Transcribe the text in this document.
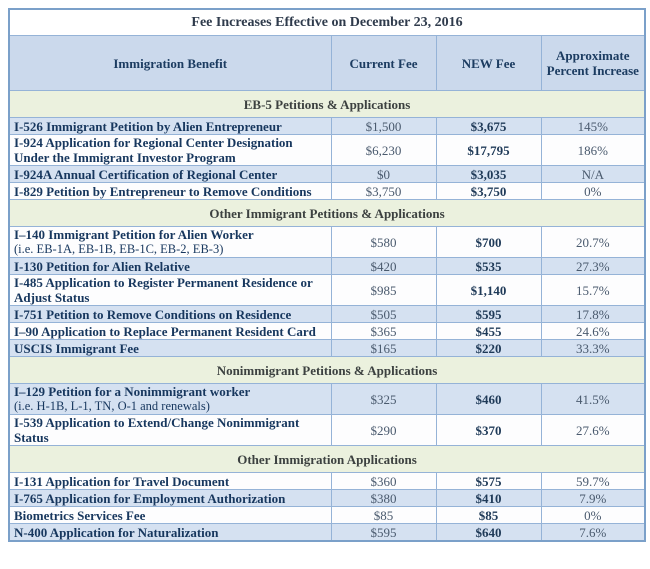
Fee Increases Effective on December 23, 2016			
Immigration Benefit	Current Fee	NEW Fee	Approximate Percent Increase
EB-5 Petitions & Applications			
I-526 Immigrant Petition by Alien Entrepreneur	$1,500	$3,675	145%
I-924 Application for Regional Center Designation Under the Immigrant Investor Program	$6,230	$17,795	186%
I-924A Annual Certification of Regional Center	$0	$3,035	N/A
I-829 Petition by Entrepreneur to Remove Conditions	$3,750	$3,750	0%
Other Immigrant Petitions & Applications			
I–140 Immigrant Petition for Alien Worker
(i.e. EB-1A, EB-1B, EB-1C, EB-2, EB-3)	$580	$700	20.7%
I-130 Petition for Alien Relative	$420	$535	27.3%
I-485 Application to Register Permanent Residence or Adjust Status	$985	$1,140	15.7%
I-751 Petition to Remove Conditions on Residence	$505	$595	17.8%
I–90 Application to Replace Permanent Resident Card	$365	$455	24.6%
USCIS Immigrant Fee	$165	$220	33.3%
Nonimmigrant Petitions & Applications			
I–129 Petition for a Nonimmigrant worker
(i.e. H-1B, L-1, TN, O-1 and renewals)	$325	$460	41.5%
I-539 Application to Extend/Change Nonimmigrant Status	$290	$370	27.6%
Other Immigration Applications			
I-131 Application for Travel Document	$360	$575	59.7%
I-765 Application for Employment Authorization	$380	$410	7.9%
Biometrics Services Fee	$85	$85	0%
N-400 Application for Naturalization	$595	$640	7.6%
